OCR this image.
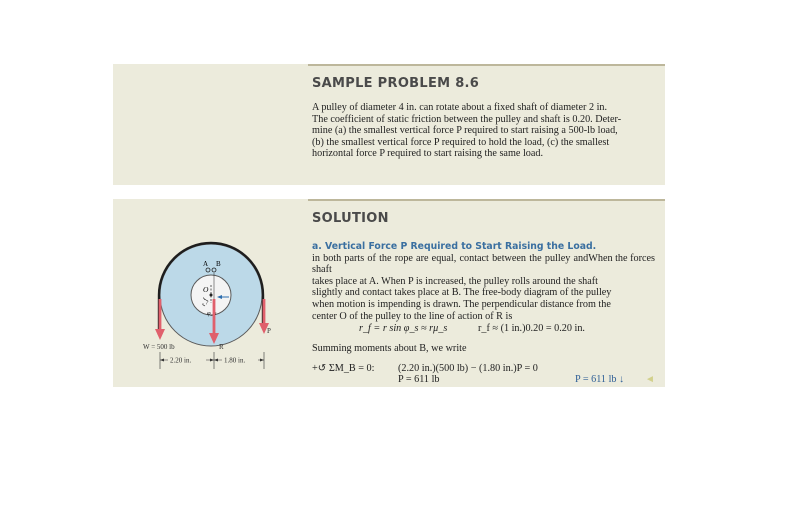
SAMPLE PROBLEM 8.6
A pulley of diameter 4 in. can rotate about a fixed shaft of diameter 2 in.
The coefficient of static friction between the pulley and shaft is 0.20. Deter-
mine (a) the smallest vertical force P required to start raising a 500-lb load,
(b) the smallest vertical force P required to hold the load, (c) the smallest
horizontal force P required to start raising the same load.
SOLUTION
a. Vertical Force P Required to Start Raising the Load.
When the forces
in both parts of the rope are equal, contact between the pulley and shaft
takes place at A. When P is increased, the pulley rolls around the shaft
slightly and contact takes place at B. The free-body diagram of the pulley
when motion is impending is drawn. The perpendicular distance from the
center O of the pulley to the line of action of R is
r_f = r sin φ_s ≈ rμ_s	r_f ≈ (1 in.)0.20 = 0.20 in.
Summing moments about B, we write
+↺ ΣM_B = 0: (2.20 in.)(500 lb) − (1.80 in.)P = 0
P = 611 lb	P = 611 lb ↓ ◄
A B
O
r_f
φ_s
W = 500 lb	R
P
2.20 in.	1.80 in.
